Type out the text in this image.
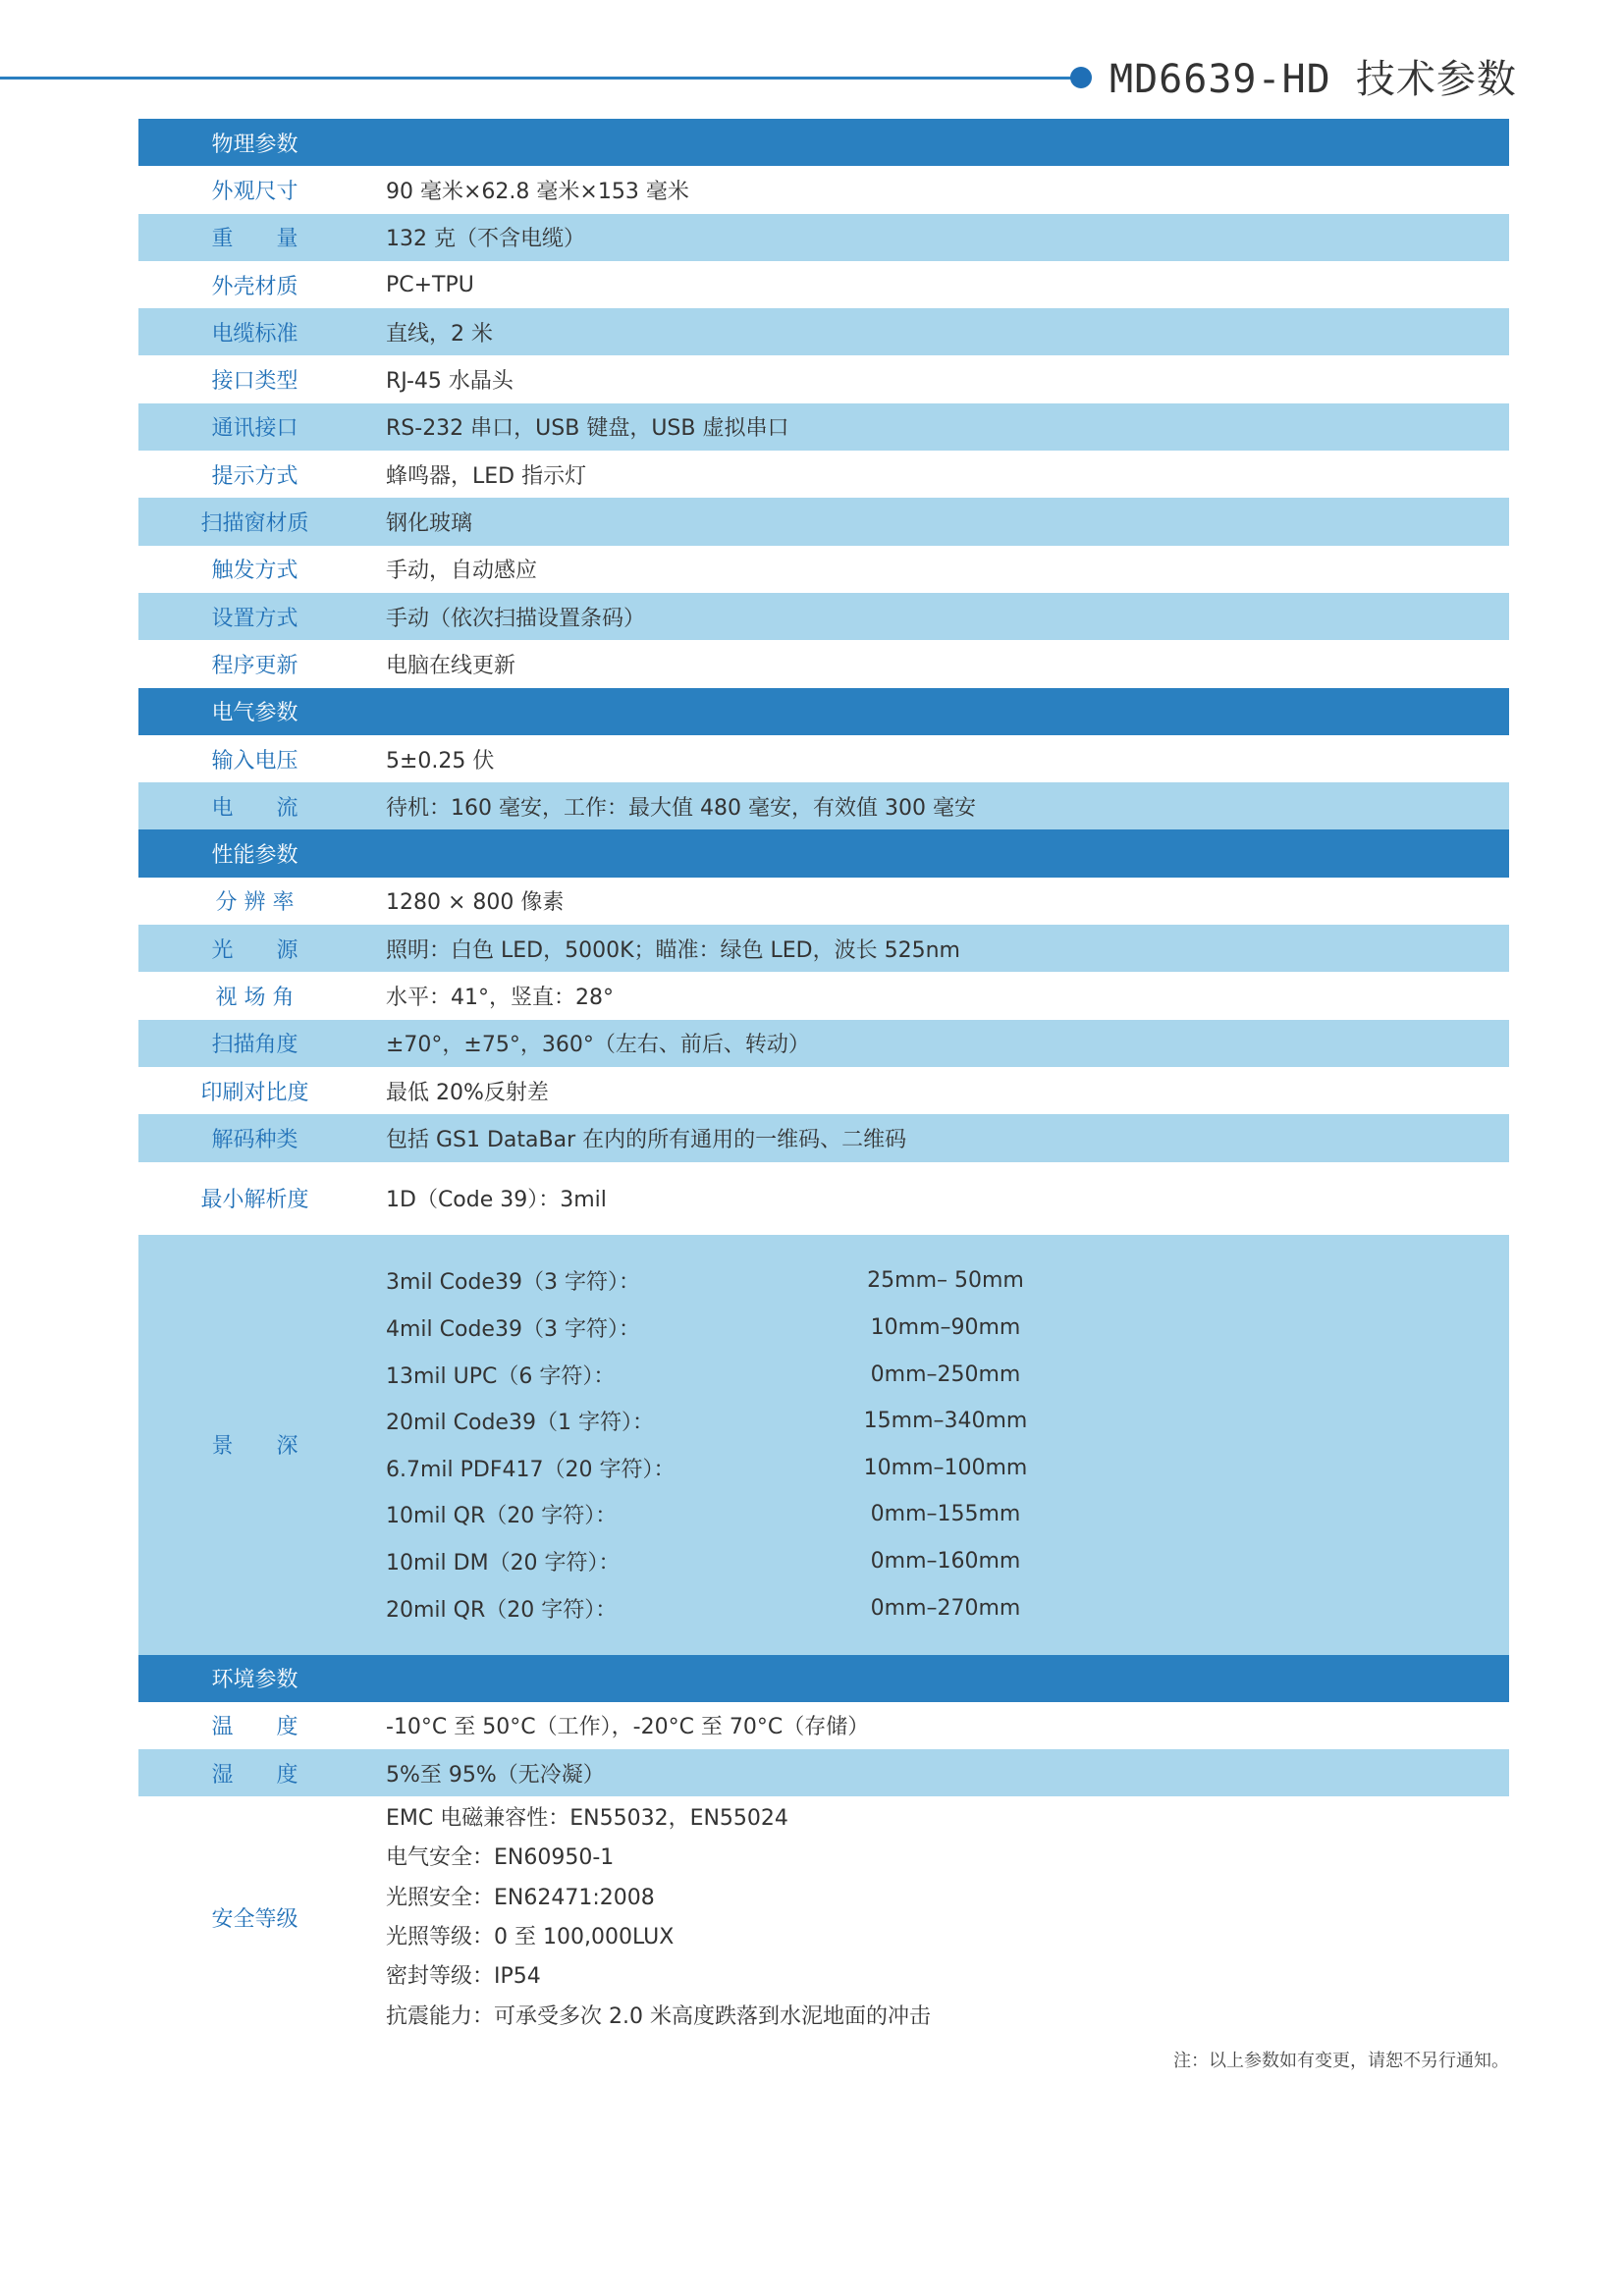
MD6639-HD 技术参数
物理参数
外观尺寸	90 毫米×62.8 毫米×153 毫米
重　　量	132 克（不含电缆）
外壳材质	PC+TPU
电缆标准	直线，2 米
接口类型	RJ-45 水晶头
通讯接口	RS-232 串口，USB 键盘，USB 虚拟串口
提示方式	蜂鸣器，LED 指示灯
扫描窗材质	钢化玻璃
触发方式	手动，自动感应
设置方式	手动（依次扫描设置条码）
程序更新	电脑在线更新
电气参数
输入电压	5±0.25 伏
电　　流	待机：160 毫安，工作：最大值 480 毫安，有效值 300 毫安
性能参数
分 辨 率	1280 × 800 像素
光　　源	照明：白色 LED，5000K；瞄准：绿色 LED，波长 525nm
视 场 角	水平：41°，竖直：28°
扫描角度	±70°，±75°，360°（左右、前后、转动）
印刷对比度	最低 20%反射差
解码种类	包括 GS1 DataBar 在内的所有通用的一维码、二维码
最小解析度	1D（Code 39）：3mil
景　　深
3mil Code39（3 字符）：	25mm– 50mm
4mil Code39（3 字符）：	10mm–90mm
13mil UPC（6 字符）：	0mm–250mm
20mil Code39（1 字符）：	15mm–340mm
6.7mil PDF417（20 字符）：	10mm–100mm
10mil QR（20 字符）：	0mm–155mm
10mil DM（20 字符）：	0mm–160mm
20mil QR（20 字符）：	0mm–270mm
环境参数
温　　度	-10°C 至 50°C（工作），-20°C 至 70°C（存储）
湿　　度	5%至 95%（无冷凝）
安全等级
EMC 电磁兼容性：EN55032，EN55024
电气安全：EN60950-1
光照安全：EN62471:2008
光照等级：0 至 100,000LUX
密封等级：IP54
抗震能力：可承受多次 2.0 米高度跌落到水泥地面的冲击
注：以上参数如有变更，请恕不另行通知。
